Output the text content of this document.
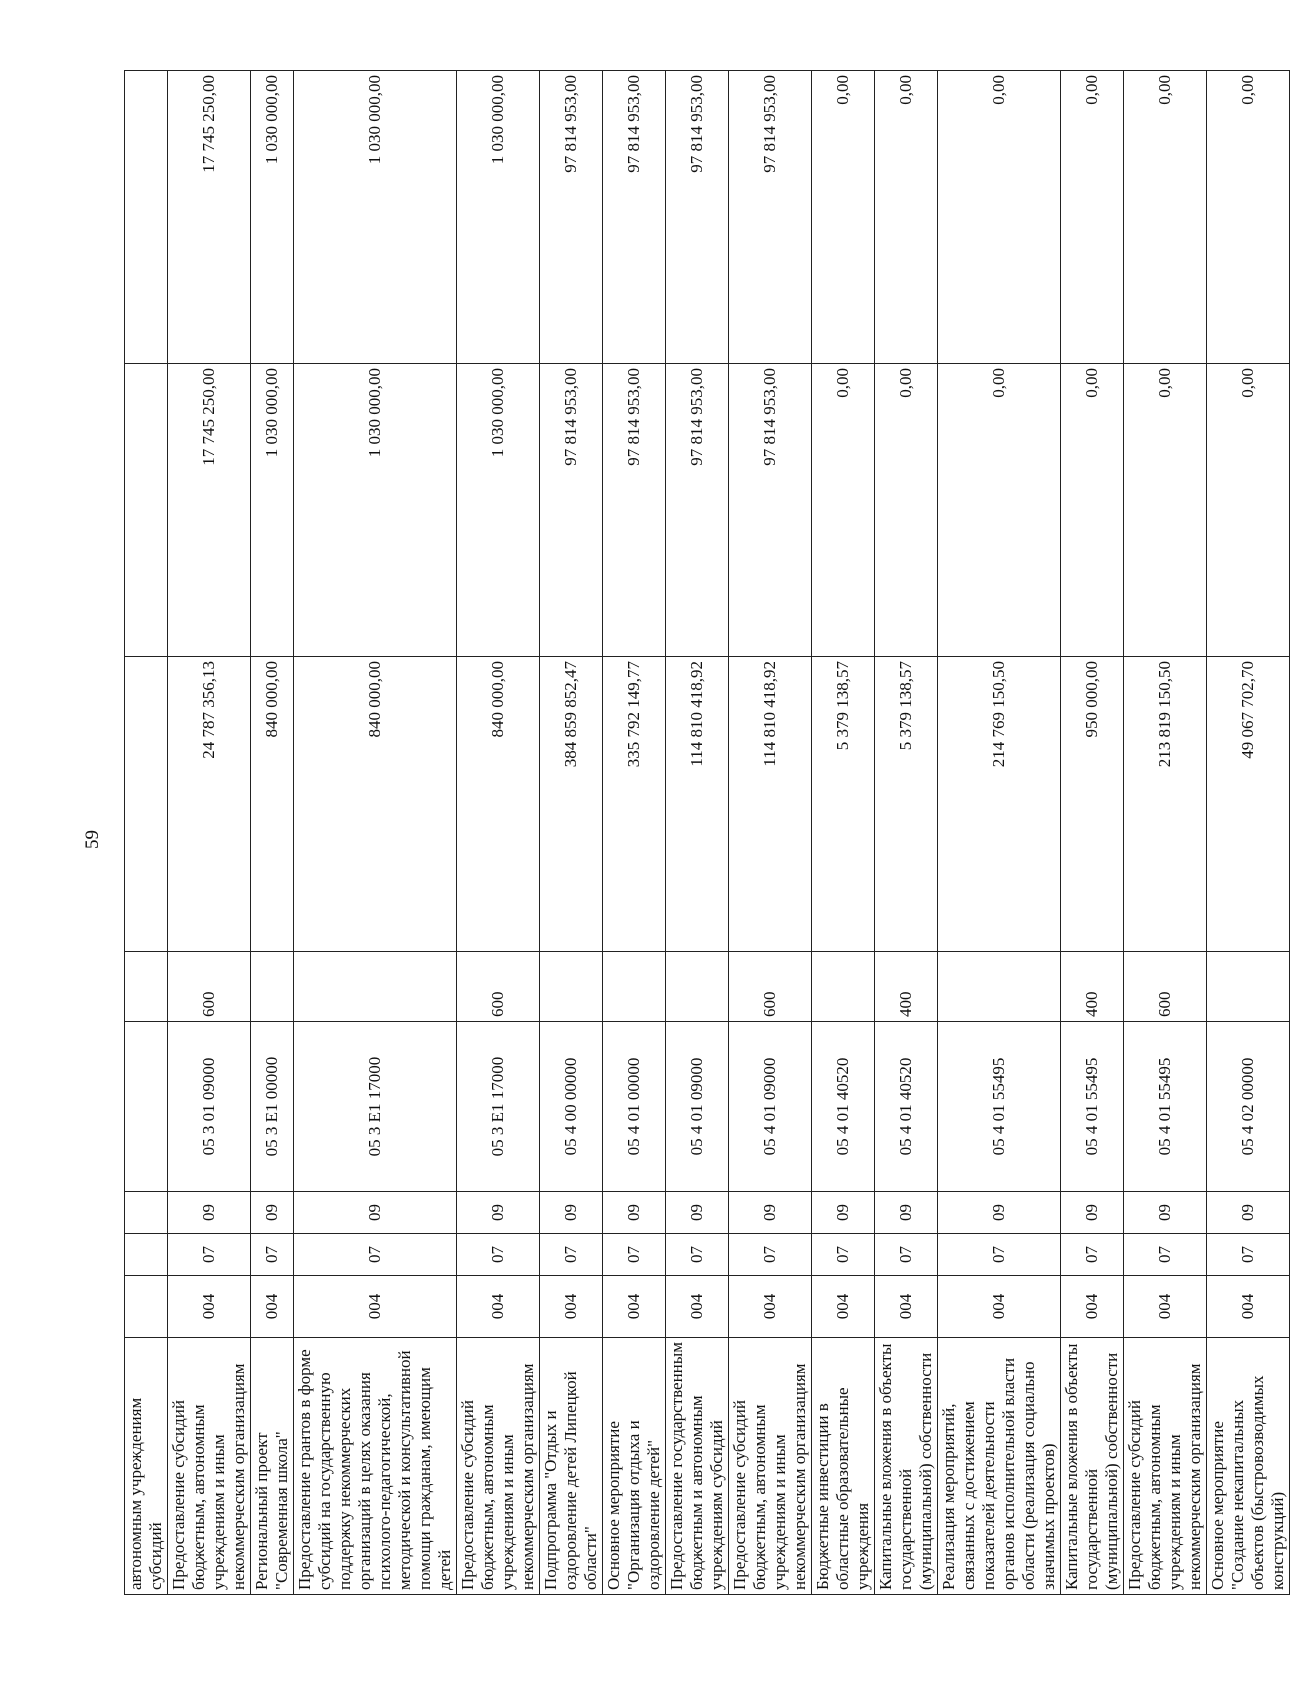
59
автономным учреждениям субсидий								
Предоставление субсидий бюджетным, автономным учреждениям и иным некоммерческим организациям	004	07	09	05 3 01 09000	600	24 787 356,13	17 745 250,00	17 745 250,00
Региональный проект "Современная школа"	004	07	09	05 3 E1 00000		840 000,00	1 030 000,00	1 030 000,00
Предоставление грантов в форме субсидий на государственную поддержку некоммерческих организаций в целях оказания психолого-педагогической, методической и консультативной помощи гражданам, имеющим детей	004	07	09	05 3 E1 17000		840 000,00	1 030 000,00	1 030 000,00
Предоставление субсидий бюджетным, автономным учреждениям и иным некоммерческим организациям	004	07	09	05 3 E1 17000	600	840 000,00	1 030 000,00	1 030 000,00
Подпрограмма "Отдых и оздоровление детей Липецкой области"	004	07	09	05 4 00 00000		384 859 852,47	97 814 953,00	97 814 953,00
Основное мероприятие "Организация отдыха и оздоровление детей"	004	07	09	05 4 01 00000		335 792 149,77	97 814 953,00	97 814 953,00
Предоставление государственным бюджетным и автономным учреждениям субсидий	004	07	09	05 4 01 09000		114 810 418,92	97 814 953,00	97 814 953,00
Предоставление субсидий бюджетным, автономным учреждениям и иным некоммерческим организациям	004	07	09	05 4 01 09000	600	114 810 418,92	97 814 953,00	97 814 953,00
Бюджетные инвестиции в областные образовательные учреждения	004	07	09	05 4 01 40520		5 379 138,57	0,00	0,00
Капитальные вложения в объекты государственной (муниципальной) собственности	004	07	09	05 4 01 40520	400	5 379 138,57	0,00	0,00
Реализация мероприятий, связанных с достижением показателей деятельности органов исполнительной власти области (реализация социально значимых проектов)	004	07	09	05 4 01 55495		214 769 150,50	0,00	0,00
Капитальные вложения в объекты государственной (муниципальной) собственности	004	07	09	05 4 01 55495	400	950 000,00	0,00	0,00
Предоставление субсидий бюджетным, автономным учреждениям и иным некоммерческим организациям	004	07	09	05 4 01 55495	600	213 819 150,50	0,00	0,00
Основное мероприятие "Создание некапитальных объектов (быстровозводимых конструкций)	004	07	09	05 4 02 00000		49 067 702,70	0,00	0,00
